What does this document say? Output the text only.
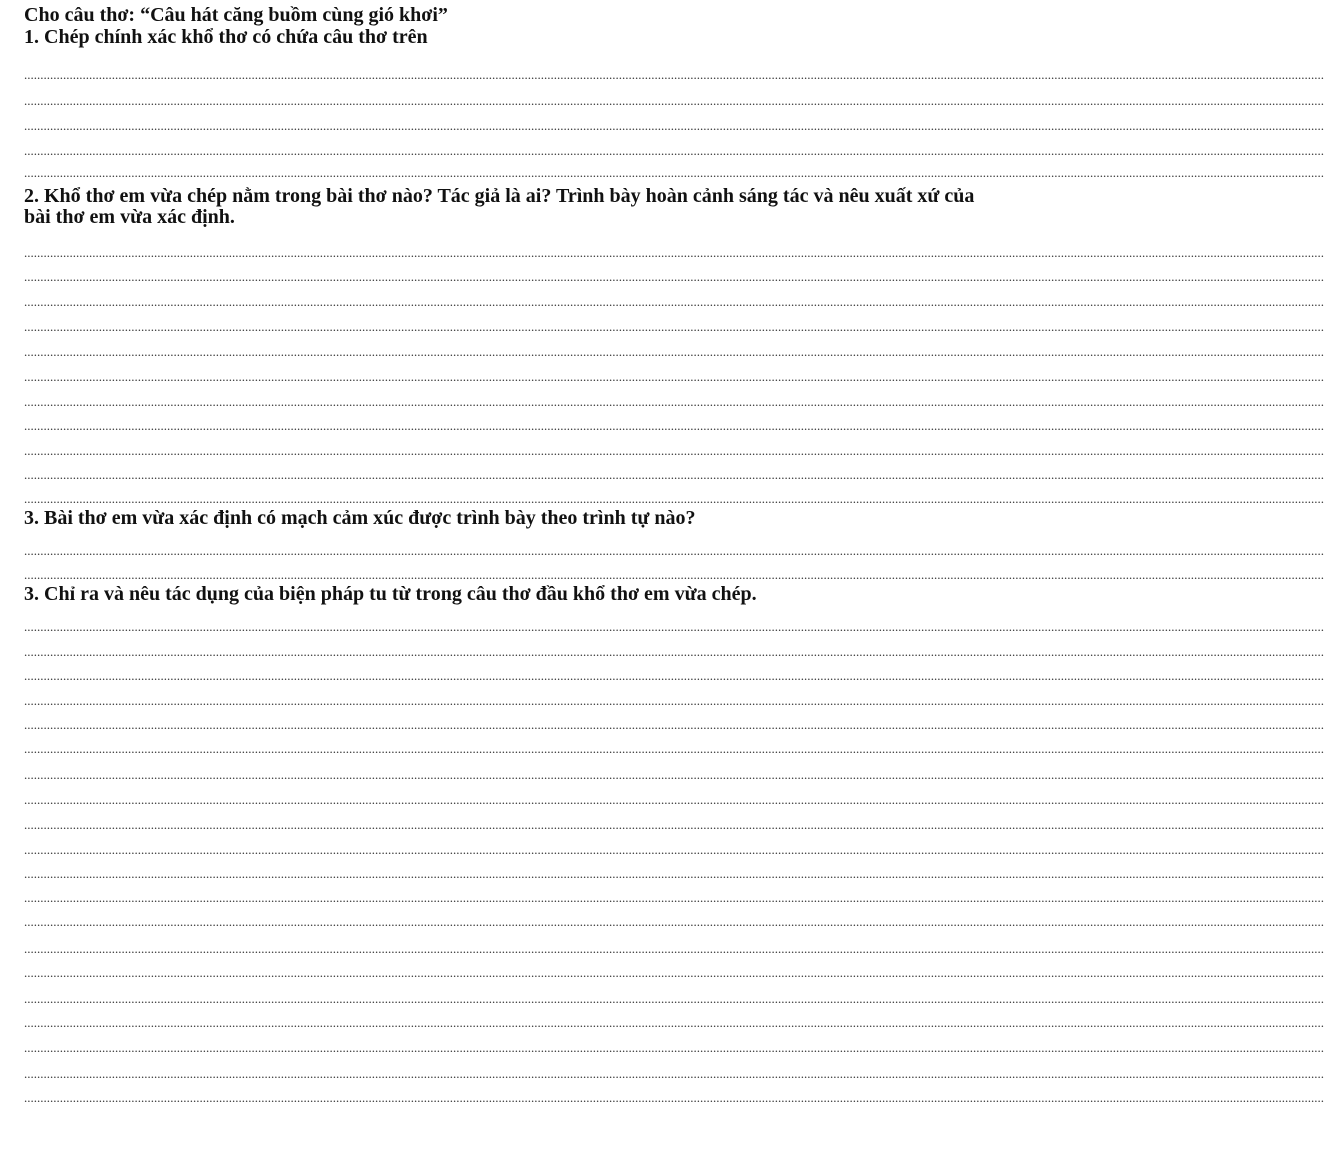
Cho câu thơ: “Câu hát căng buồm cùng gió khơi”
1. Chép chính xác khổ thơ có chứa câu thơ trên
................................................................................................................................................................................................................................................................................................................................................................................................................
................................................................................................................................................................................................................................................................................................................................................................................................................
................................................................................................................................................................................................................................................................................................................................................................................................................
................................................................................................................................................................................................................................................................................................................................................................................................................
................................................................................................................................................................................................................................................................................................................................................................................................................
2. Khổ thơ em vừa chép nằm trong bài thơ nào? Tác giả là ai? Trình bày hoàn cảnh sáng tác và nêu xuất xứ của bài thơ em vừa xác định.
................................................................................................................................................................................................................................................................................................................................................................................................................
................................................................................................................................................................................................................................................................................................................................................................................................................
................................................................................................................................................................................................................................................................................................................................................................................................................
................................................................................................................................................................................................................................................................................................................................................................................................................
................................................................................................................................................................................................................................................................................................................................................................................................................
................................................................................................................................................................................................................................................................................................................................................................................................................
................................................................................................................................................................................................................................................................................................................................................................................................................
................................................................................................................................................................................................................................................................................................................................................................................................................
................................................................................................................................................................................................................................................................................................................................................................................................................
................................................................................................................................................................................................................................................................................................................................................................................................................
................................................................................................................................................................................................................................................................................................................................................................................................................
3. Bài thơ em vừa xác định có mạch cảm xúc được trình bày theo trình tự nào?
................................................................................................................................................................................................................................................................................................................................................................................................................
................................................................................................................................................................................................................................................................................................................................................................................................................
3. Chỉ ra và nêu tác dụng của biện pháp tu từ trong câu thơ đầu khổ thơ em vừa chép.
................................................................................................................................................................................................................................................................................................................................................................................................................
................................................................................................................................................................................................................................................................................................................................................................................................................
................................................................................................................................................................................................................................................................................................................................................................................................................
................................................................................................................................................................................................................................................................................................................................................................................................................
................................................................................................................................................................................................................................................................................................................................................................................................................
................................................................................................................................................................................................................................................................................................................................................................................................................
................................................................................................................................................................................................................................................................................................................................................................................................................
................................................................................................................................................................................................................................................................................................................................................................................................................
................................................................................................................................................................................................................................................................................................................................................................................................................
................................................................................................................................................................................................................................................................................................................................................................................................................
................................................................................................................................................................................................................................................................................................................................................................................................................
................................................................................................................................................................................................................................................................................................................................................................................................................
................................................................................................................................................................................................................................................................................................................................................................................................................
................................................................................................................................................................................................................................................................................................................................................................................................................
................................................................................................................................................................................................................................................................................................................................................................................................................
................................................................................................................................................................................................................................................................................................................................................................................................................
................................................................................................................................................................................................................................................................................................................................................................................................................
................................................................................................................................................................................................................................................................................................................................................................................................................
................................................................................................................................................................................................................................................................................................................................................................................................................
................................................................................................................................................................................................................................................................................................................................................................................................................
